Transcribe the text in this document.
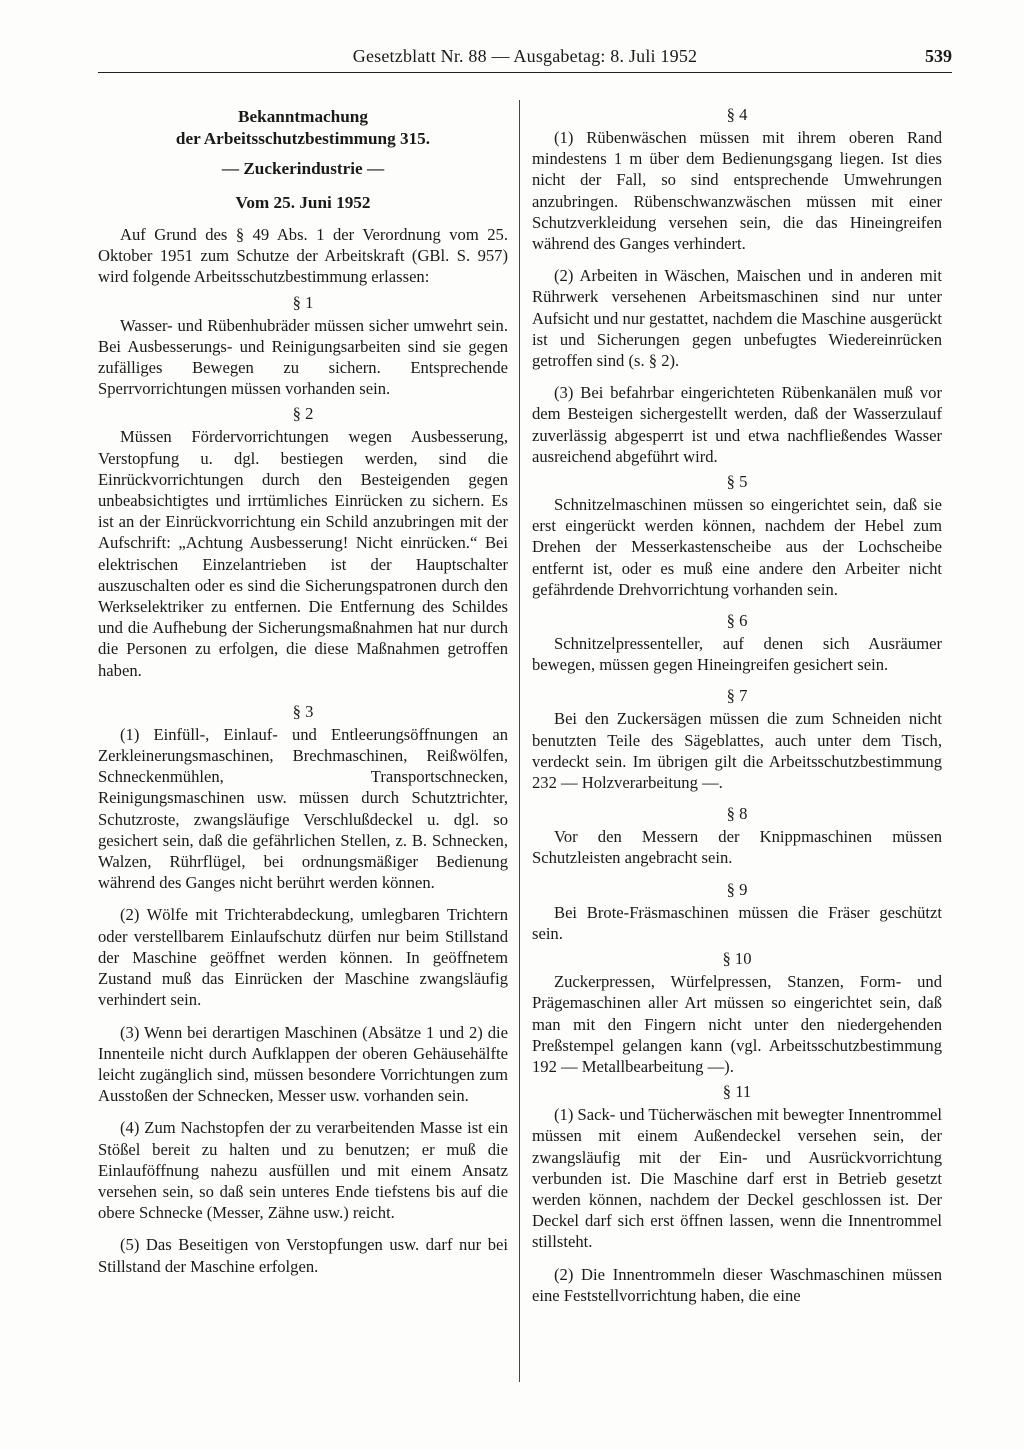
Gesetzblatt Nr. 88 — Ausgabetag: 8. Juli 1952	539
Bekanntmachung
der Arbeitsschutzbestimmung 315.
— Zuckerindustrie —
Vom 25. Juni 1952

Auf Grund des § 49 Abs. 1 der Verordnung vom 25. Oktober 1951 zum Schutze der Arbeitskraft (GBl. S. 957) wird folgende Arbeitsschutzbestimmung erlassen:

§ 1

Wasser- und Rübenhubräder müssen sicher umwehrt sein. Bei Ausbesserungs- und Reinigungsarbeiten sind sie gegen zufälliges Bewegen zu sichern. Entsprechende Sperrvorrichtungen müssen vorhanden sein.

§ 2

Müssen Fördervorrichtungen wegen Ausbesserung, Verstopfung u. dgl. bestiegen werden, sind die Einrückvorrichtungen durch den Besteigenden gegen unbeabsichtigtes und irrtümliches Einrücken zu sichern. Es ist an der Einrückvorrichtung ein Schild anzubringen mit der Aufschrift: „Achtung Ausbesserung! Nicht einrücken.“ Bei elektrischen Einzelantrieben ist der Hauptschalter auszuschalten oder es sind die Sicherungspatronen durch den Werkselektriker zu entfernen. Die Entfernung des Schildes und die Aufhebung der Sicherungsmaßnahmen hat nur durch die Personen zu erfolgen, die diese Maßnahmen getroffen haben.

§ 3

(1) Einfüll-, Einlauf- und Entleerungsöffnungen an Zerkleinerungsmaschinen, Brechmaschinen, Reißwölfen, Schneckenmühlen, Transportschnecken, Reinigungsmaschinen usw. müssen durch Schutztrichter, Schutzroste, zwangsläufige Verschlußdeckel u. dgl. so gesichert sein, daß die gefährlichen Stellen, z. B. Schnecken, Walzen, Rührflügel, bei ordnungsmäßiger Bedienung während des Ganges nicht berührt werden können.

(2) Wölfe mit Trichterabdeckung, umlegbaren Trichtern oder verstellbarem Einlaufschutz dürfen nur beim Stillstand der Maschine geöffnet werden können. In geöffnetem Zustand muß das Einrücken der Maschine zwangsläufig verhindert sein.

(3) Wenn bei derartigen Maschinen (Absätze 1 und 2) die Innenteile nicht durch Aufklappen der oberen Gehäusehälfte leicht zugänglich sind, müssen besondere Vorrichtungen zum Ausstoßen der Schnecken, Messer usw. vorhanden sein.

(4) Zum Nachstopfen der zu verarbeitenden Masse ist ein Stößel bereit zu halten und zu benutzen; er muß die Einlauföffnung nahezu ausfüllen und mit einem Ansatz versehen sein, so daß sein unteres Ende tiefstens bis auf die obere Schnecke (Messer, Zähne usw.) reicht.

(5) Das Beseitigen von Verstopfungen usw. darf nur bei Stillstand der Maschine erfolgen.

§ 4

(1) Rübenwäschen müssen mit ihrem oberen Rand mindestens 1 m über dem Bedienungsgang liegen. Ist dies nicht der Fall, so sind entsprechende Umwehrungen anzubringen. Rübenschwanzwäschen müssen mit einer Schutzverkleidung versehen sein, die das Hineingreifen während des Ganges verhindert.

(2) Arbeiten in Wäschen, Maischen und in anderen mit Rührwerk versehenen Arbeitsmaschinen sind nur unter Aufsicht und nur gestattet, nachdem die Maschine ausgerückt ist und Sicherungen gegen unbefugtes Wiedereinrücken getroffen sind (s. § 2).

(3) Bei befahrbar eingerichteten Rübenkanälen muß vor dem Besteigen sichergestellt werden, daß der Wasserzulauf zuverlässig abgesperrt ist und etwa nachfließendes Wasser ausreichend abgeführt wird.

§ 5

Schnitzelmaschinen müssen so eingerichtet sein, daß sie erst eingerückt werden können, nachdem der Hebel zum Drehen der Messerkastenscheibe aus der Lochscheibe entfernt ist, oder es muß eine andere den Arbeiter nicht gefährdende Drehvorrichtung vorhanden sein.

§ 6

Schnitzelpressenteller, auf denen sich Ausräumer bewegen, müssen gegen Hineingreifen gesichert sein.

§ 7

Bei den Zuckersägen müssen die zum Schneiden nicht benutzten Teile des Sägeblattes, auch unter dem Tisch, verdeckt sein. Im übrigen gilt die Arbeitsschutzbestimmung 232 — Holzverarbeitung —.

§ 8

Vor den Messern der Knippmaschinen müssen Schutzleisten angebracht sein.

§ 9

Bei Brote-Fräsmaschinen müssen die Fräser geschützt sein.

§ 10

Zuckerpressen, Würfelpressen, Stanzen, Form- und Prägemaschinen aller Art müssen so eingerichtet sein, daß man mit den Fingern nicht unter den niedergehenden Preßstempel gelangen kann (vgl. Arbeitsschutzbestimmung 192 — Metallbearbeitung —).

§ 11

(1) Sack- und Tücherwäschen mit bewegter Innentrommel müssen mit einem Außendeckel versehen sein, der zwangsläufig mit der Ein- und Ausrückvorrichtung verbunden ist. Die Maschine darf erst in Betrieb gesetzt werden können, nachdem der Deckel geschlossen ist. Der Deckel darf sich erst öffnen lassen, wenn die Innentrommel stillsteht.

(2) Die Innentrommeln dieser Waschmaschinen müssen eine Feststellvorrichtung haben, die eine
